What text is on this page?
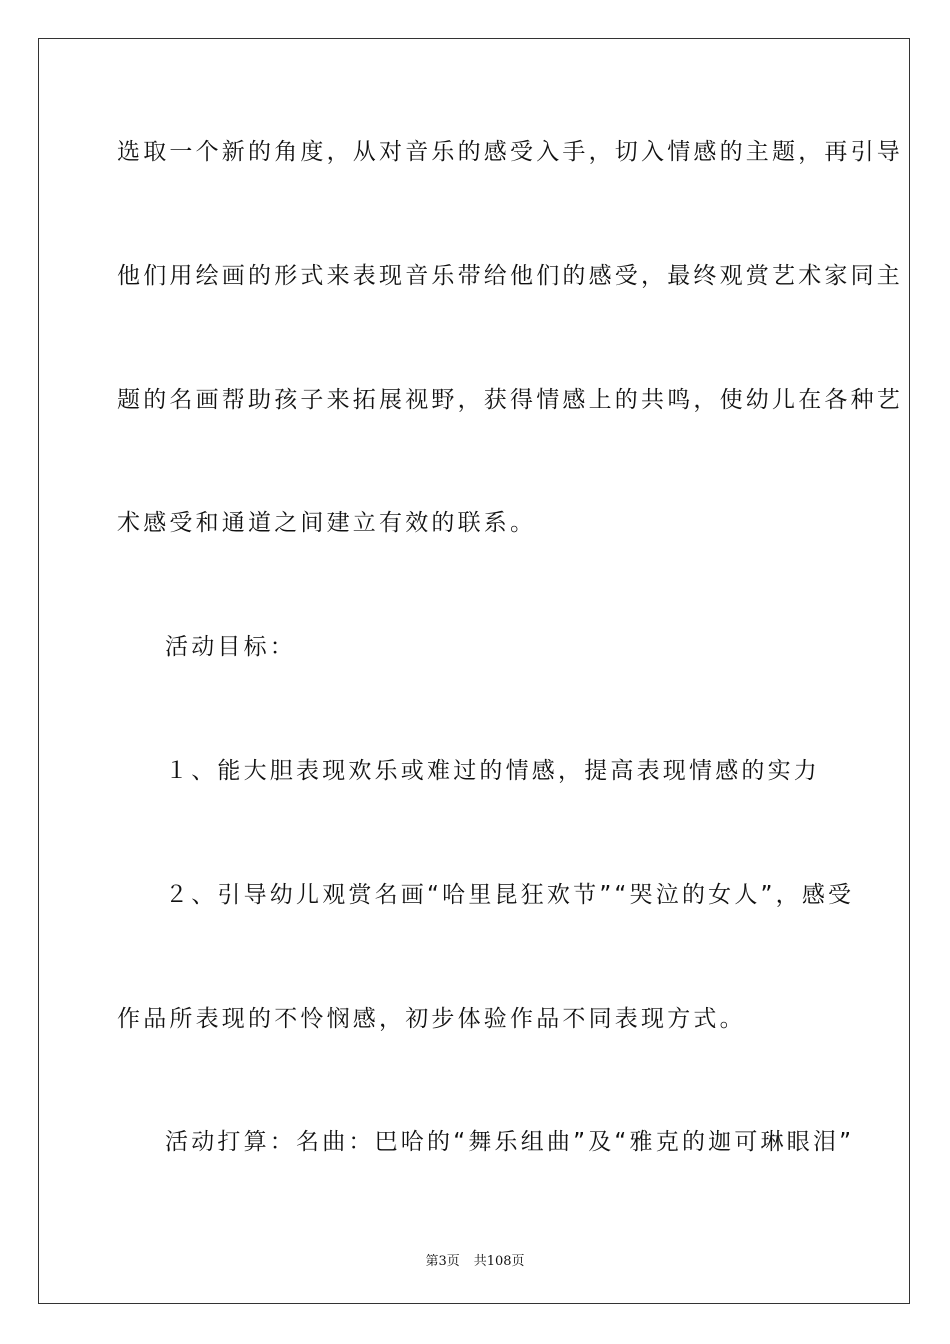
选取一个新的角度，从对音乐的感受入手，切入情感的主题，再引导
他们用绘画的形式来表现音乐带给他们的感受，最终观赏艺术家同主
题的名画帮助孩子来拓展视野，获得情感上的共鸣，使幼儿在各种艺
术感受和通道之间建立有效的联系。
活动目标：
１、能大胆表现欢乐或难过的情感，提高表现情感的实力
２、引导幼儿观赏名画“哈里昆狂欢节”“哭泣的女人”，感受
作品所表现的不怜悯感，初步体验作品不同表现方式。
活动打算：名曲：巴哈的“舞乐组曲”及“雅克的迦可琳眼泪”
第3页 共108页
